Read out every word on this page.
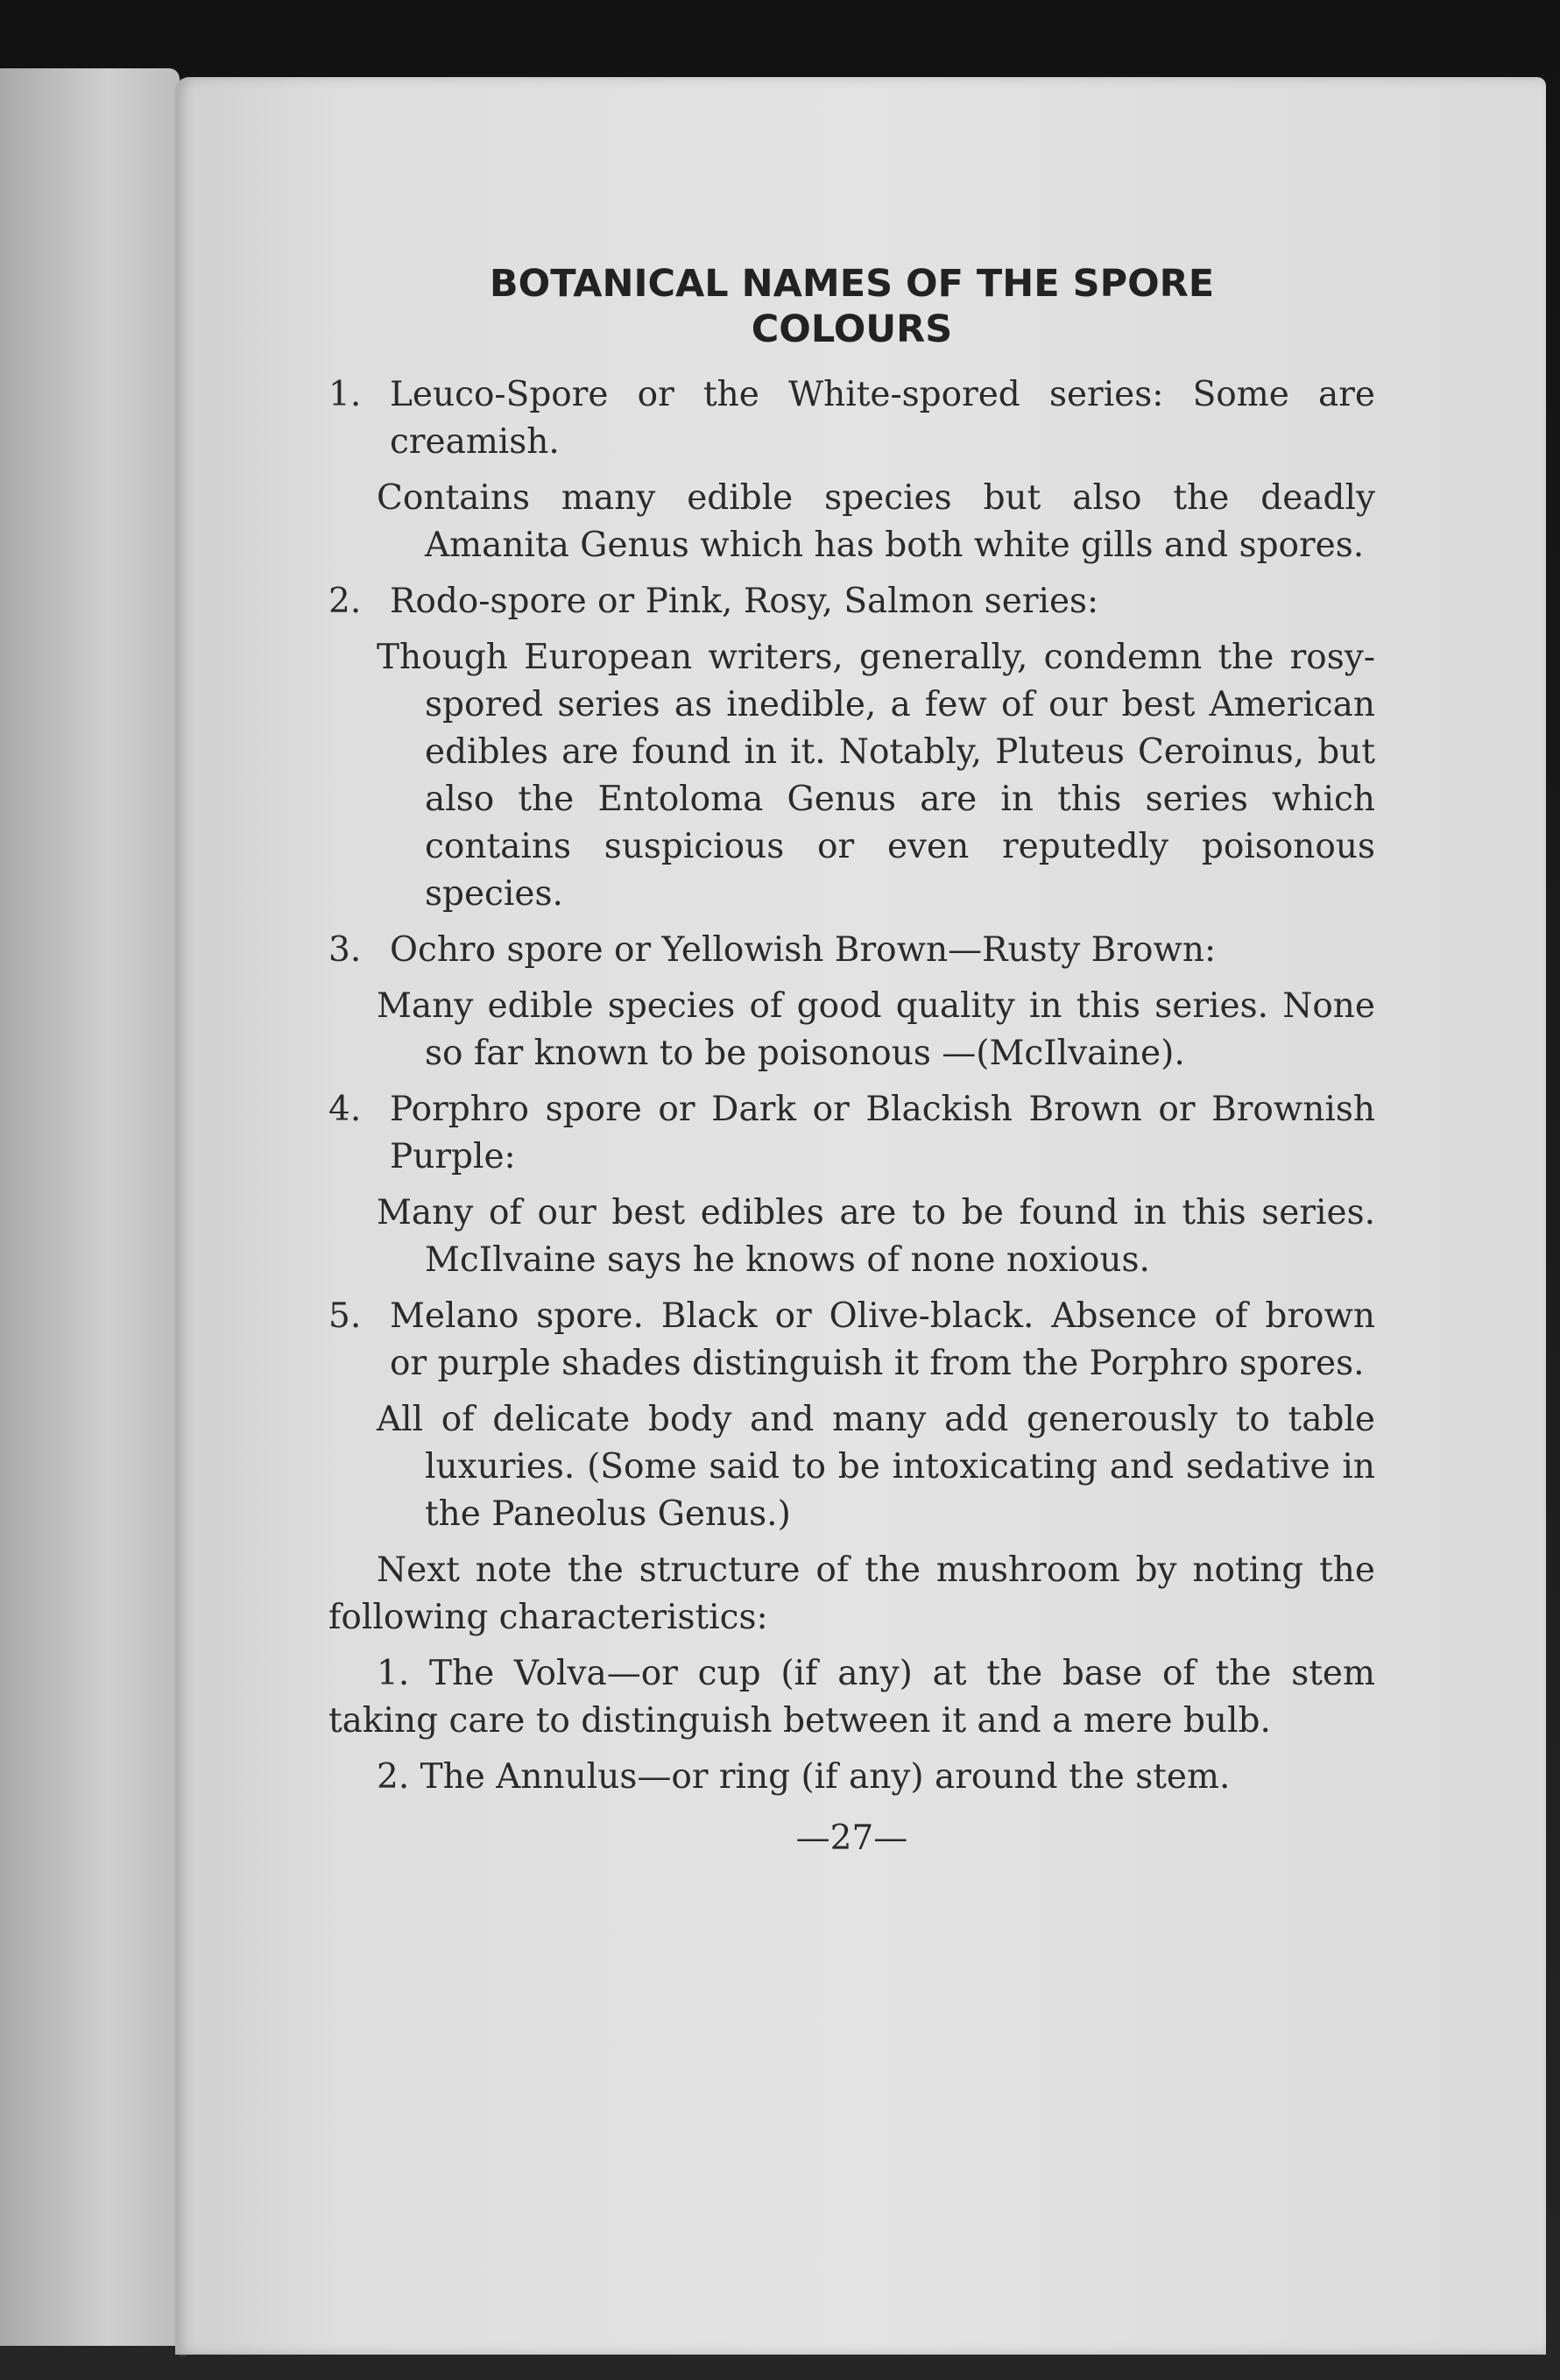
BOTANICAL NAMES OF THE SPORE
COLOURS
1. Leuco-Spore or the White-spored series: Some are creamish.
Contains many edible species but also the deadly Amanita Genus which has both white gills and spores.
2. Rodo-spore or Pink, Rosy, Salmon series:
Though European writers, generally, condemn the rosy-spored series as inedible, a few of our best American edibles are found in it. Notably, Pluteus Ceroinus, but also the Entoloma Genus are in this series which contains suspicious or even reputedly poisonous species.
3. Ochro spore or Yellowish Brown—Rusty Brown:
Many edible species of good quality in this series. None so far known to be poisonous —(McIlvaine).
4. Porphro spore or Dark or Blackish Brown or Brownish Purple:
Many of our best edibles are to be found in this series. McIlvaine says he knows of none noxious.
5. Melano spore. Black or Olive-black. Absence of brown or purple shades distinguish it from the Porphro spores.
All of delicate body and many add generously to table luxuries. (Some said to be intoxicating and sedative in the Paneolus Genus.)

Next note the structure of the mushroom by noting the following characteristics:

1. The Volva—or cup (if any) at the base of the stem taking care to distinguish between it and a mere bulb.

2. The Annulus—or ring (if any) around the stem.

—27—
